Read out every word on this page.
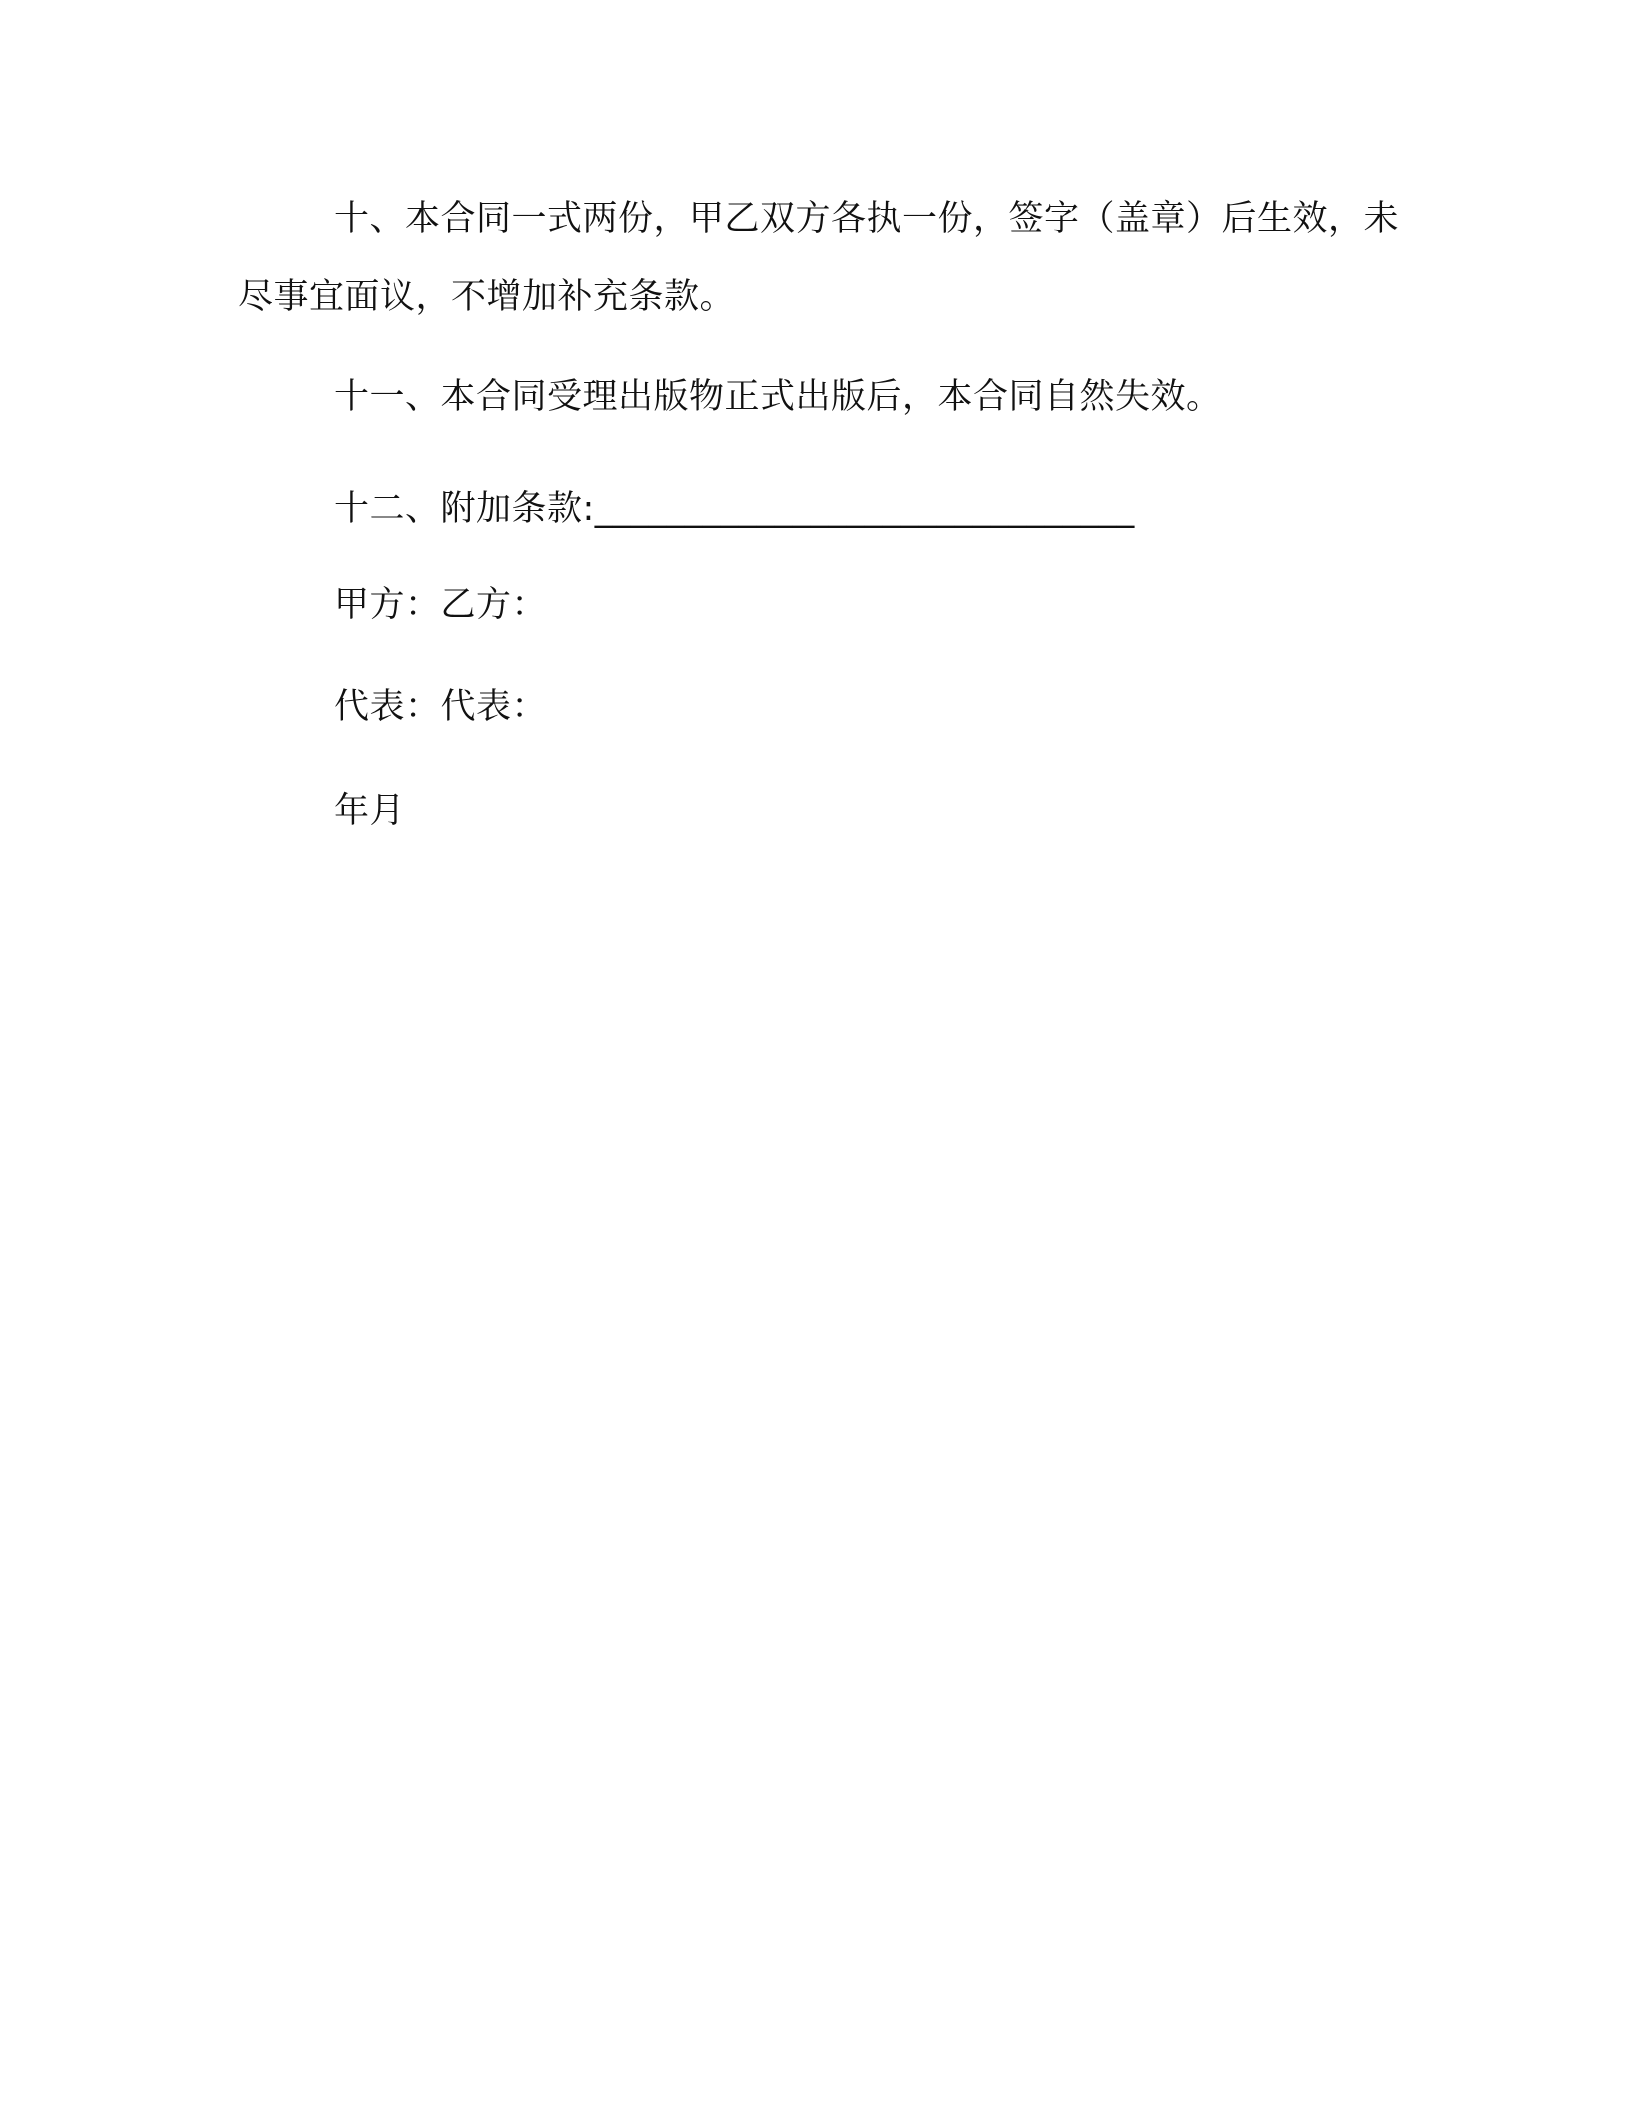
十、本合同一式两份，甲乙双方各执一份，签字（盖章）后生效，未尽事宜面议，不增加补充条款。

十一、本合同受理出版物正式出版后，本合同自然失效。

十二、附加条款:______________________________

甲方：乙方：

代表：代表：

年月
